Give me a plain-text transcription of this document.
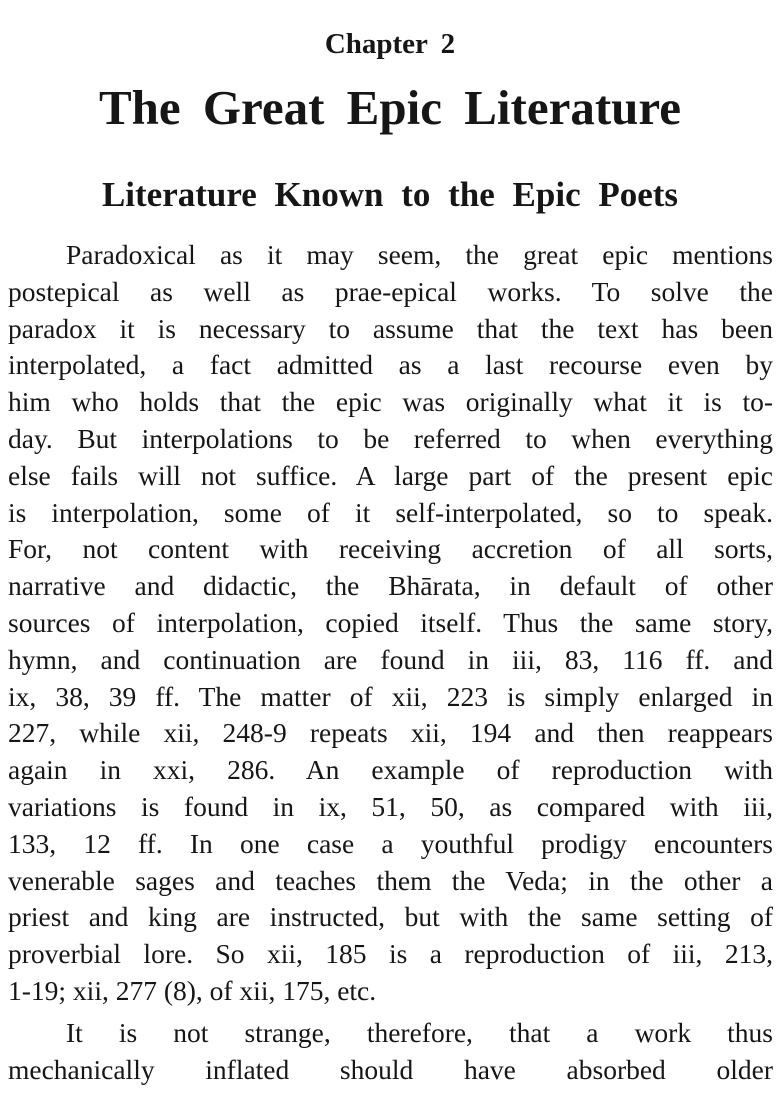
Chapter 2
The Great Epic Literature
Literature Known to the Epic Poets
Paradoxical as it may seem, the great epic mentions
postepical as well as prae-epical works. To solve the
paradox it is necessary to assume that the text has been
interpolated, a fact admitted as a last recourse even by
him who holds that the epic was originally what it is to-
day. But interpolations to be referred to when everything
else fails will not suffice. A large part of the present epic
is interpolation, some of it self-interpolated, so to speak.
For, not content with receiving accretion of all sorts,
narrative and didactic, the Bhārata, in default of other
sources of interpolation, copied itself. Thus the same story,
hymn, and continuation are found in iii, 83, 116 ff. and
ix, 38, 39 ff. The matter of xii, 223 is simply enlarged in
227, while xii, 248-9 repeats xii, 194 and then reappears
again in xxi, 286. An example of reproduction with
variations is found in ix, 51, 50, as compared with iii,
133, 12 ff. In one case a youthful prodigy encounters
venerable sages and teaches them the Veda; in the other a
priest and king are instructed, but with the same setting of
proverbial lore. So xii, 185 is a reproduction of iii, 213,
1-19; xii, 277 (8), of xii, 175, etc.
It is not strange, therefore, that a work thus
mechanically inflated should have absorbed older
